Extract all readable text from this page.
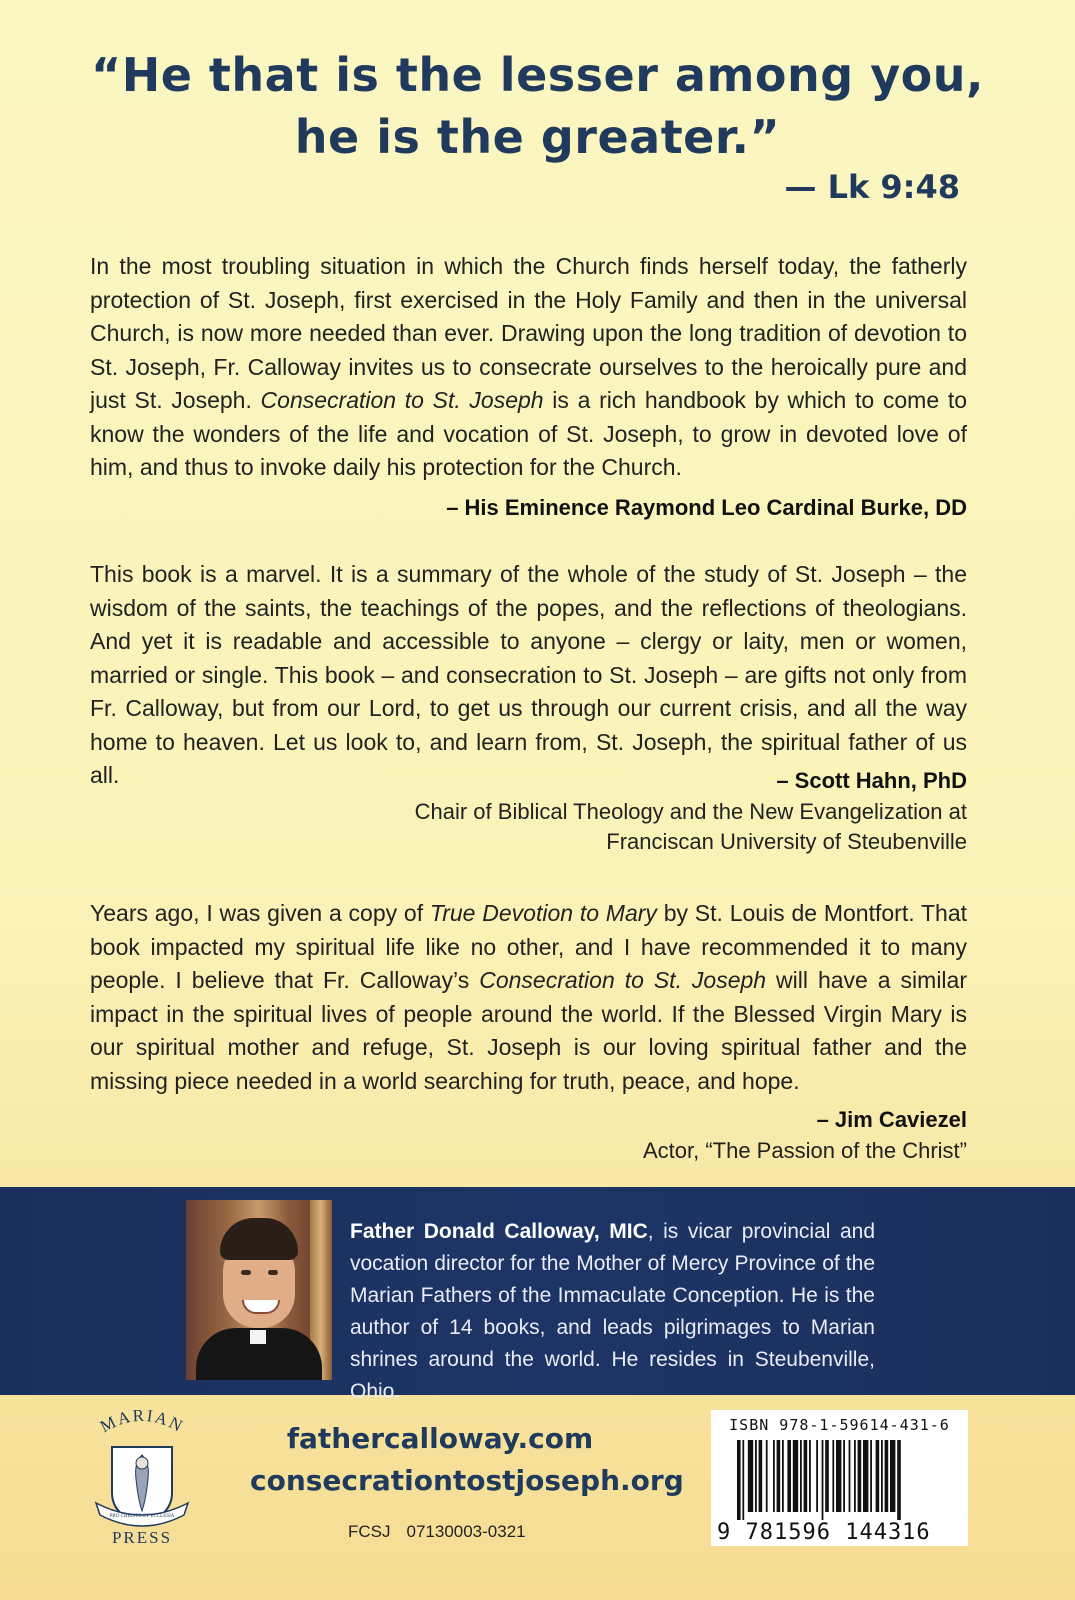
“He that is the lesser among you,
he is the greater.”
— Lk 9:48
In the most troubling situation in which the Church finds herself today, the fatherly protection of St. Joseph, first exercised in the Holy Family and then in the universal Church, is now more needed than ever. Drawing upon the long tradition of devotion to St. Joseph, Fr. Calloway invites us to consecrate ourselves to the heroically pure and just St. Joseph. Consecration to St. Joseph is a rich handbook by which to come to know the wonders of the life and vocation of St. Joseph, to grow in devoted love of him, and thus to invoke daily his protection for the Church.
– His Eminence Raymond Leo Cardinal Burke, DD
This book is a marvel. It is a summary of the whole of the study of St. Joseph – the wisdom of the saints, the teachings of the popes, and the reflections of theologians. And yet it is readable and accessible to anyone – clergy or laity, men or women, married or single. This book – and consecration to St. Joseph – are gifts not only from Fr. Calloway, but from our Lord, to get us through our current crisis, and all the way home to heaven. Let us look to, and learn from, St. Joseph, the spiritual father of us all.	– Scott Hahn, PhD
Chair of Biblical Theology and the New Evangelization at
Franciscan University of Steubenville
Years ago, I was given a copy of True Devotion to Mary by St. Louis de Montfort. That book impacted my spiritual life like no other, and I have recommended it to many people. I believe that Fr. Calloway’s Consecration to St. Joseph will have a similar impact in the spiritual lives of people around the world. If the Blessed Virgin Mary is our spiritual mother and refuge, St. Joseph is our loving spiritual father and the missing piece needed in a world searching for truth, peace, and hope.
– Jim Caviezel
Actor, “The Passion of the Christ”
Father Donald Calloway, MIC, is vicar provincial and vocation director for the Mother of Mercy Province of the Marian Fathers of the Immaculate Conception. He is the author of 14 books, and leads pilgrimages to Marian shrines around the world. He resides in Steubenville, Ohio.
MARIAN
PRO CHRISTO ET ECCLESIA
PRESS
fathercalloway.com
consecrationtostjoseph.org
FCSJ 07130003-0321
ISBN 978-1-59614-431-6
9 781596 144316
